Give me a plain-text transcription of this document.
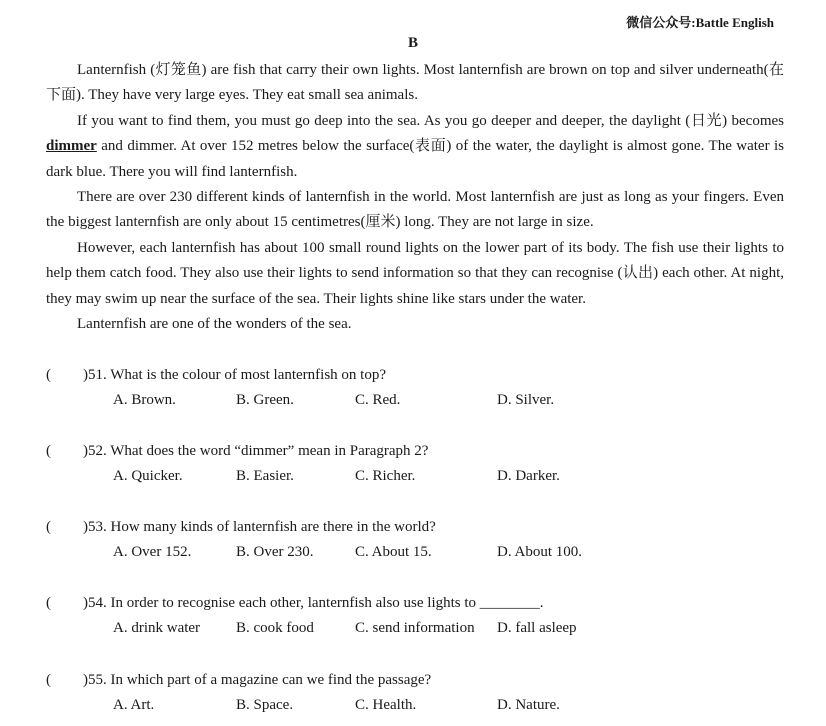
微信公众号:Battle English
B

Lanternfish (灯笼鱼) are fish that carry their own lights. Most lanternfish are brown on top and silver underneath(在下面). They have very large eyes. They eat small sea animals.

If you want to find them, you must go deep into the sea. As you go deeper and deeper, the daylight (日光) becomes dimmer and dimmer. At over 152 metres below the surface(表面) of the water, the daylight is almost gone. The water is dark blue. There you will find lanternfish.

There are over 230 different kinds of lanternfish in the world. Most lanternfish are just as long as your fingers. Even the biggest lanternfish are only about 15 centimetres(厘米) long. They are not large in size.

However, each lanternfish has about 100 small round lights on the lower part of its body. The fish use their lights to help them catch food. They also use their lights to send information so that they can recognise (认出) each other. At night, they may swim up near the surface of the sea. Their lights shine like stars under the water.

Lanternfish are one of the wonders of the sea.

( )51. What is the colour of most lanternfish on top?
A. Brown.	B. Green.	C. Red.	D. Silver.
( )52. What does the word “dimmer” mean in Paragraph 2?
A. Quicker.	B. Easier.	C. Richer.	D. Darker.
( )53. How many kinds of lanternfish are there in the world?
A. Over 152.	B. Over 230.	C. About 15.	D. About 100.
( )54. In order to recognise each other, lanternfish also use lights to ________.
A. drink water B. cook food	C. send information D. fall asleep
( )55. In which part of a magazine can we find the passage?
A. Art.	B. Space.	C. Health.	D. Nature.
